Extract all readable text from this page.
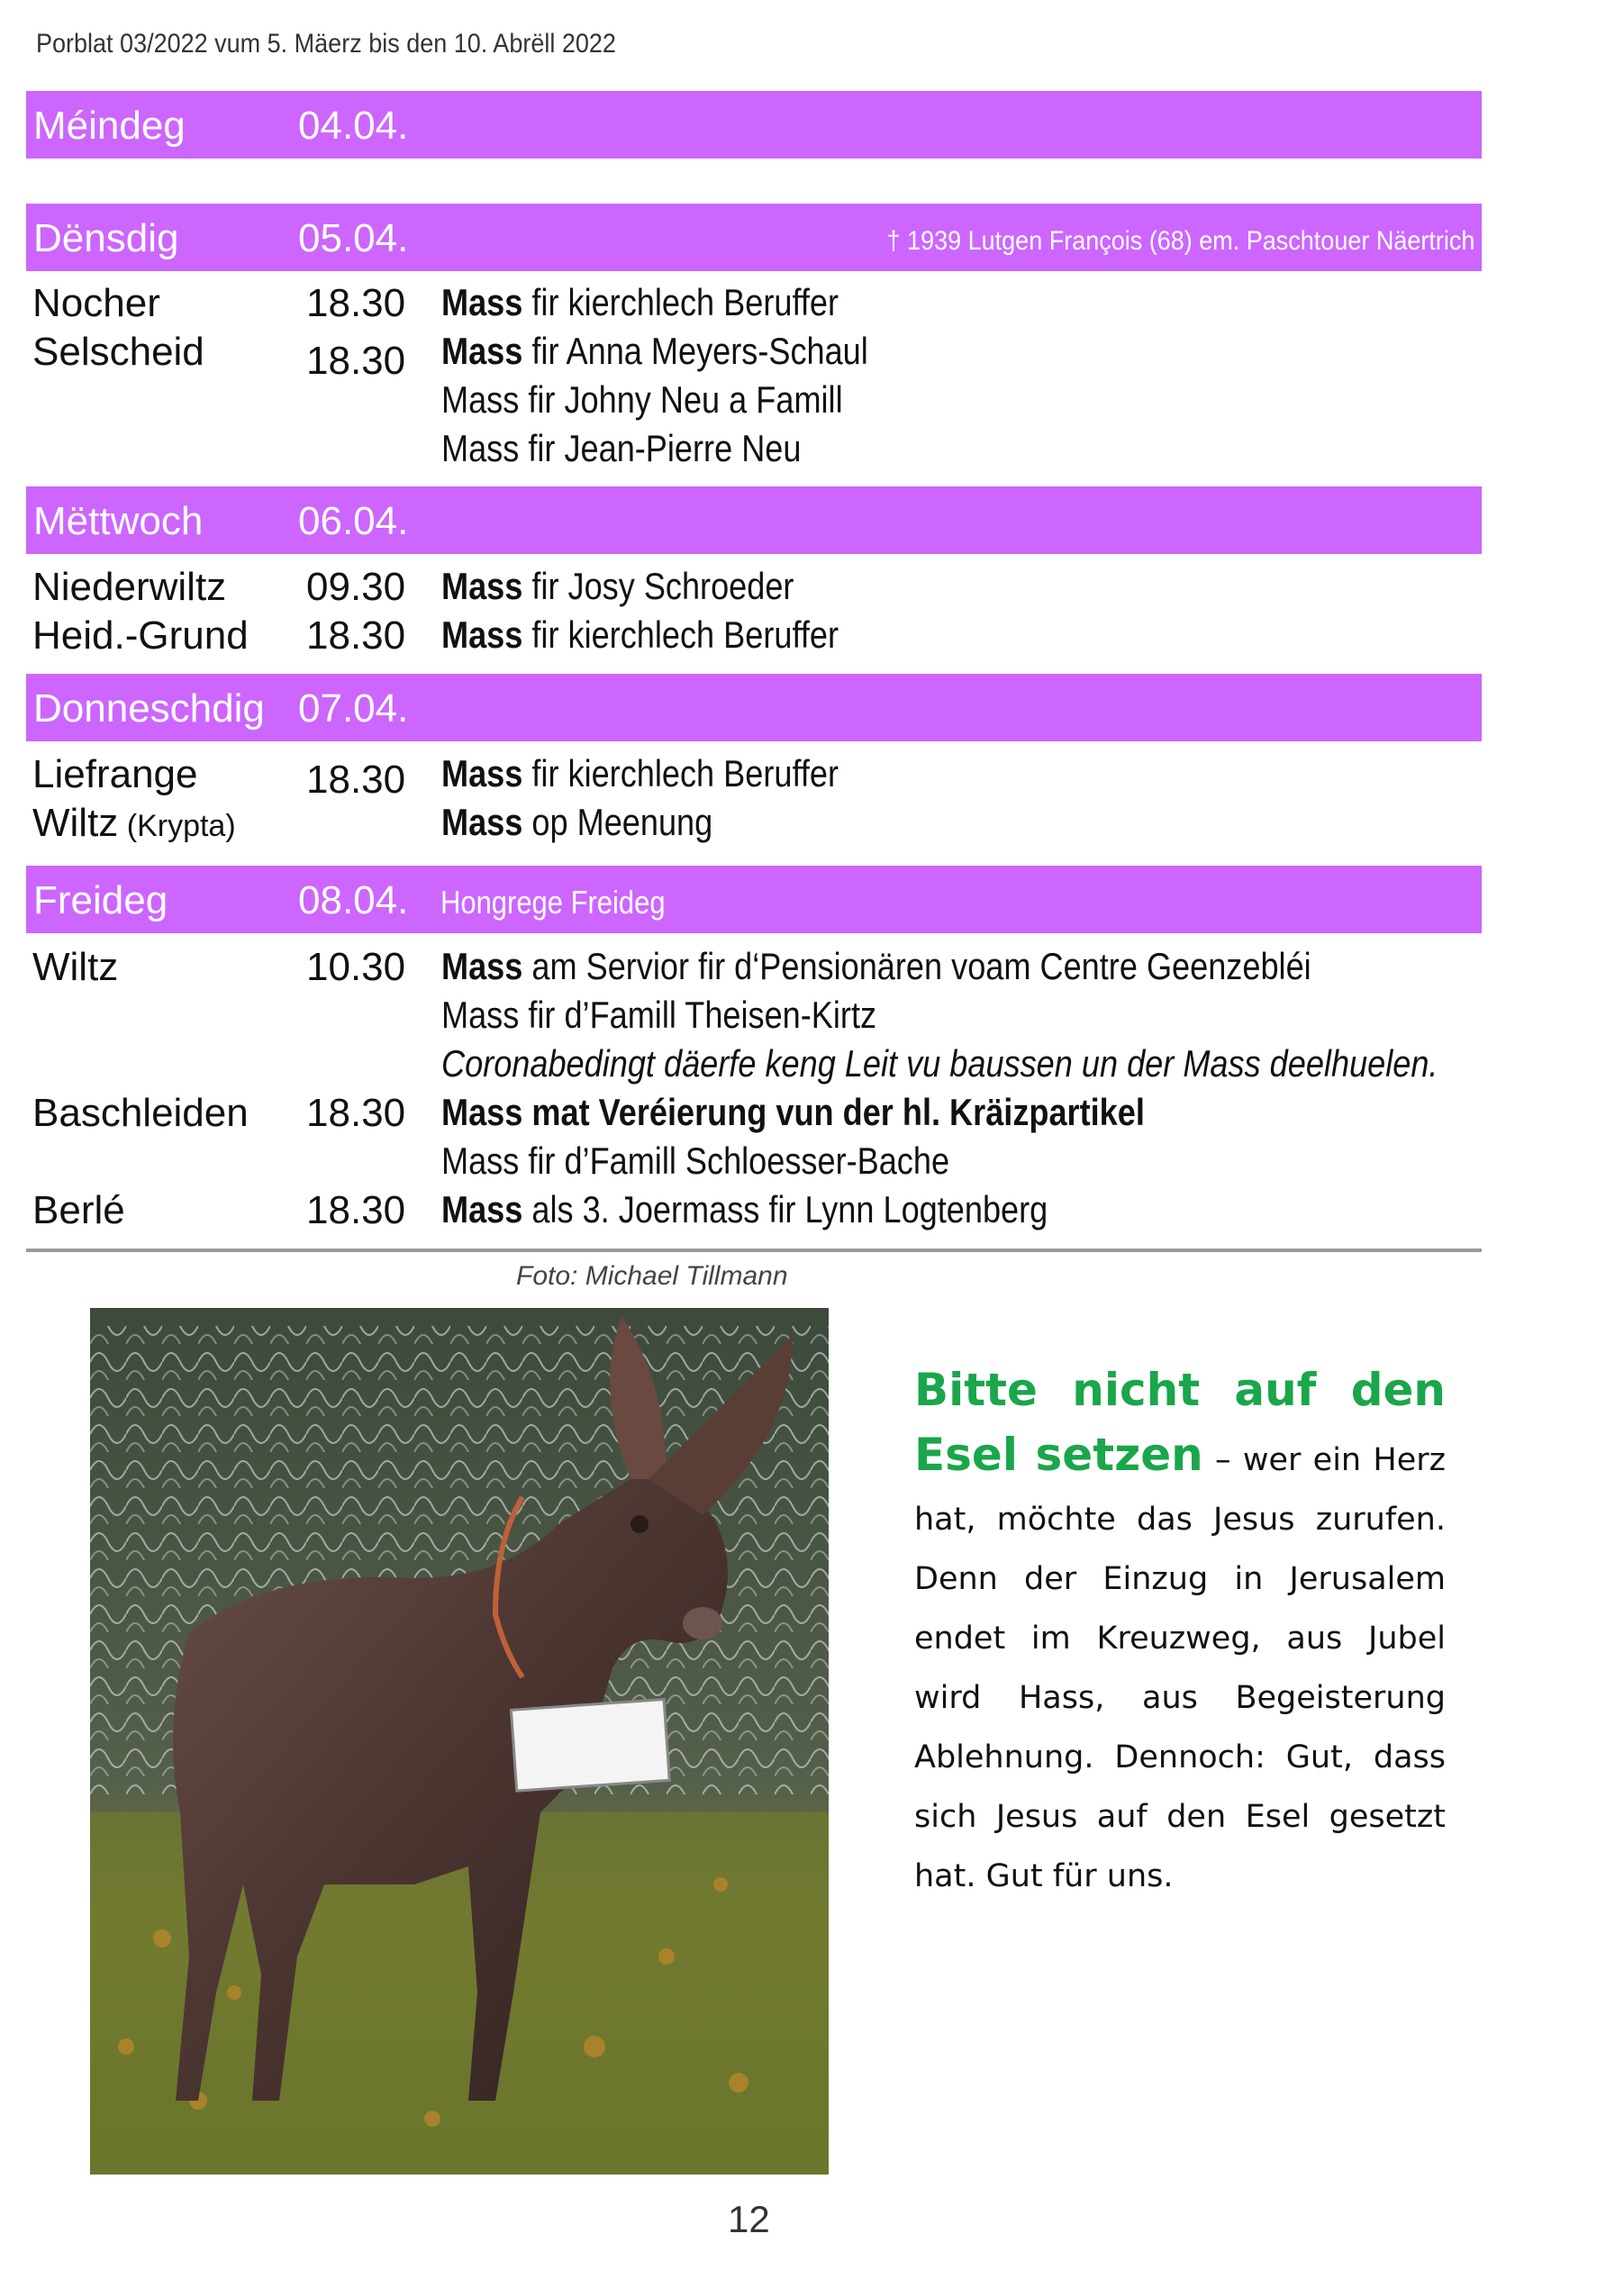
Porblat 03/2022 vum 5. Mäerz bis den 10. Abrëll 2022
Méindeg	04.04.
Dënsdig	05.04.	† 1939 Lutgen François (68) em. Paschtouer Näertrich
Nocher	18.30 Mass fir kierchlech Beruffer
Selscheid	18.30 Mass fir Anna Meyers-Schaul
Mass fir Johny Neu a Famill
Mass fir Jean-Pierre Neu
Mëttwoch 06.04.
Niederwiltz 09.30 Mass fir Josy Schroeder
Heid.-Grund 18.30 Mass fir kierchlech Beruffer
Donneschdig 07.04.
Liefrange	18.30 Mass fir kierchlech Beruffer
Wiltz (Krypta)	Mass op Meenung
Freideg	08.04. Hongrege Freideg
Wiltz	10.30 Mass am Servior fir d‘Pensionären voam Centre Geenzebléi
Mass fir d’Famill Theisen-Kirtz
Coronabedingt däerfe keng Leit vu baussen un der Mass deelhuelen.
Baschleiden 18.30 Mass mat Veréierung vun der hl. Kräizpartikel
Mass fir d’Famill Schloesser-Bache
Berlé	18.30 Mass als 3. Joermass fir Lynn Logtenberg
Foto: Michael Tillmann
Bitte nicht auf den Esel setzen – wer ein Herz hat, möchte das Jesus zurufen. Denn der Einzug in Jerusalem endet im Kreuzweg, aus Jubel wird Hass, aus Begeisterung Ablehnung. Dennoch: Gut, dass sich Jesus auf den Esel gesetzt hat. Gut für uns.
12
